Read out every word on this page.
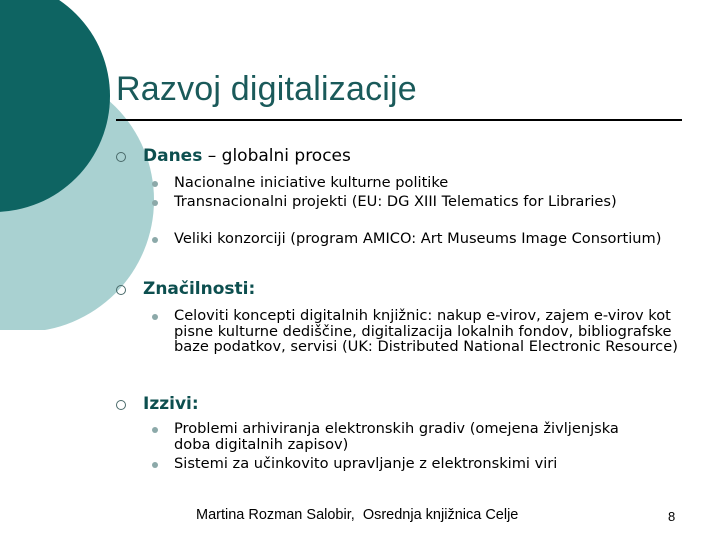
Razvoj digitalizacije
Danes – globalni proces
Nacionalne iniciative kulturne politike
Transnacionalni projekti (EU: DG XIII Telematics for Libraries)
Veliki konzorciji (program AMICO: Art Museums Image Consortium)
Značilnosti:
Celoviti koncepti digitalnih knjižnic: nakup e-virov, zajem e-virov kot pisne kulturne dediščine, digitalizacija lokalnih fondov, bibliografske baze podatkov, servisi (UK: Distributed National Electronic Resource)
Izzivi:
Problemi arhiviranja elektronskih gradiv (omejena življenjska doba digitalnih zapisov)
Sistemi za učinkovito upravljanje z elektronskimi viri
Martina Rozman Salobir,  Osrednja knjižnica Celje	8
